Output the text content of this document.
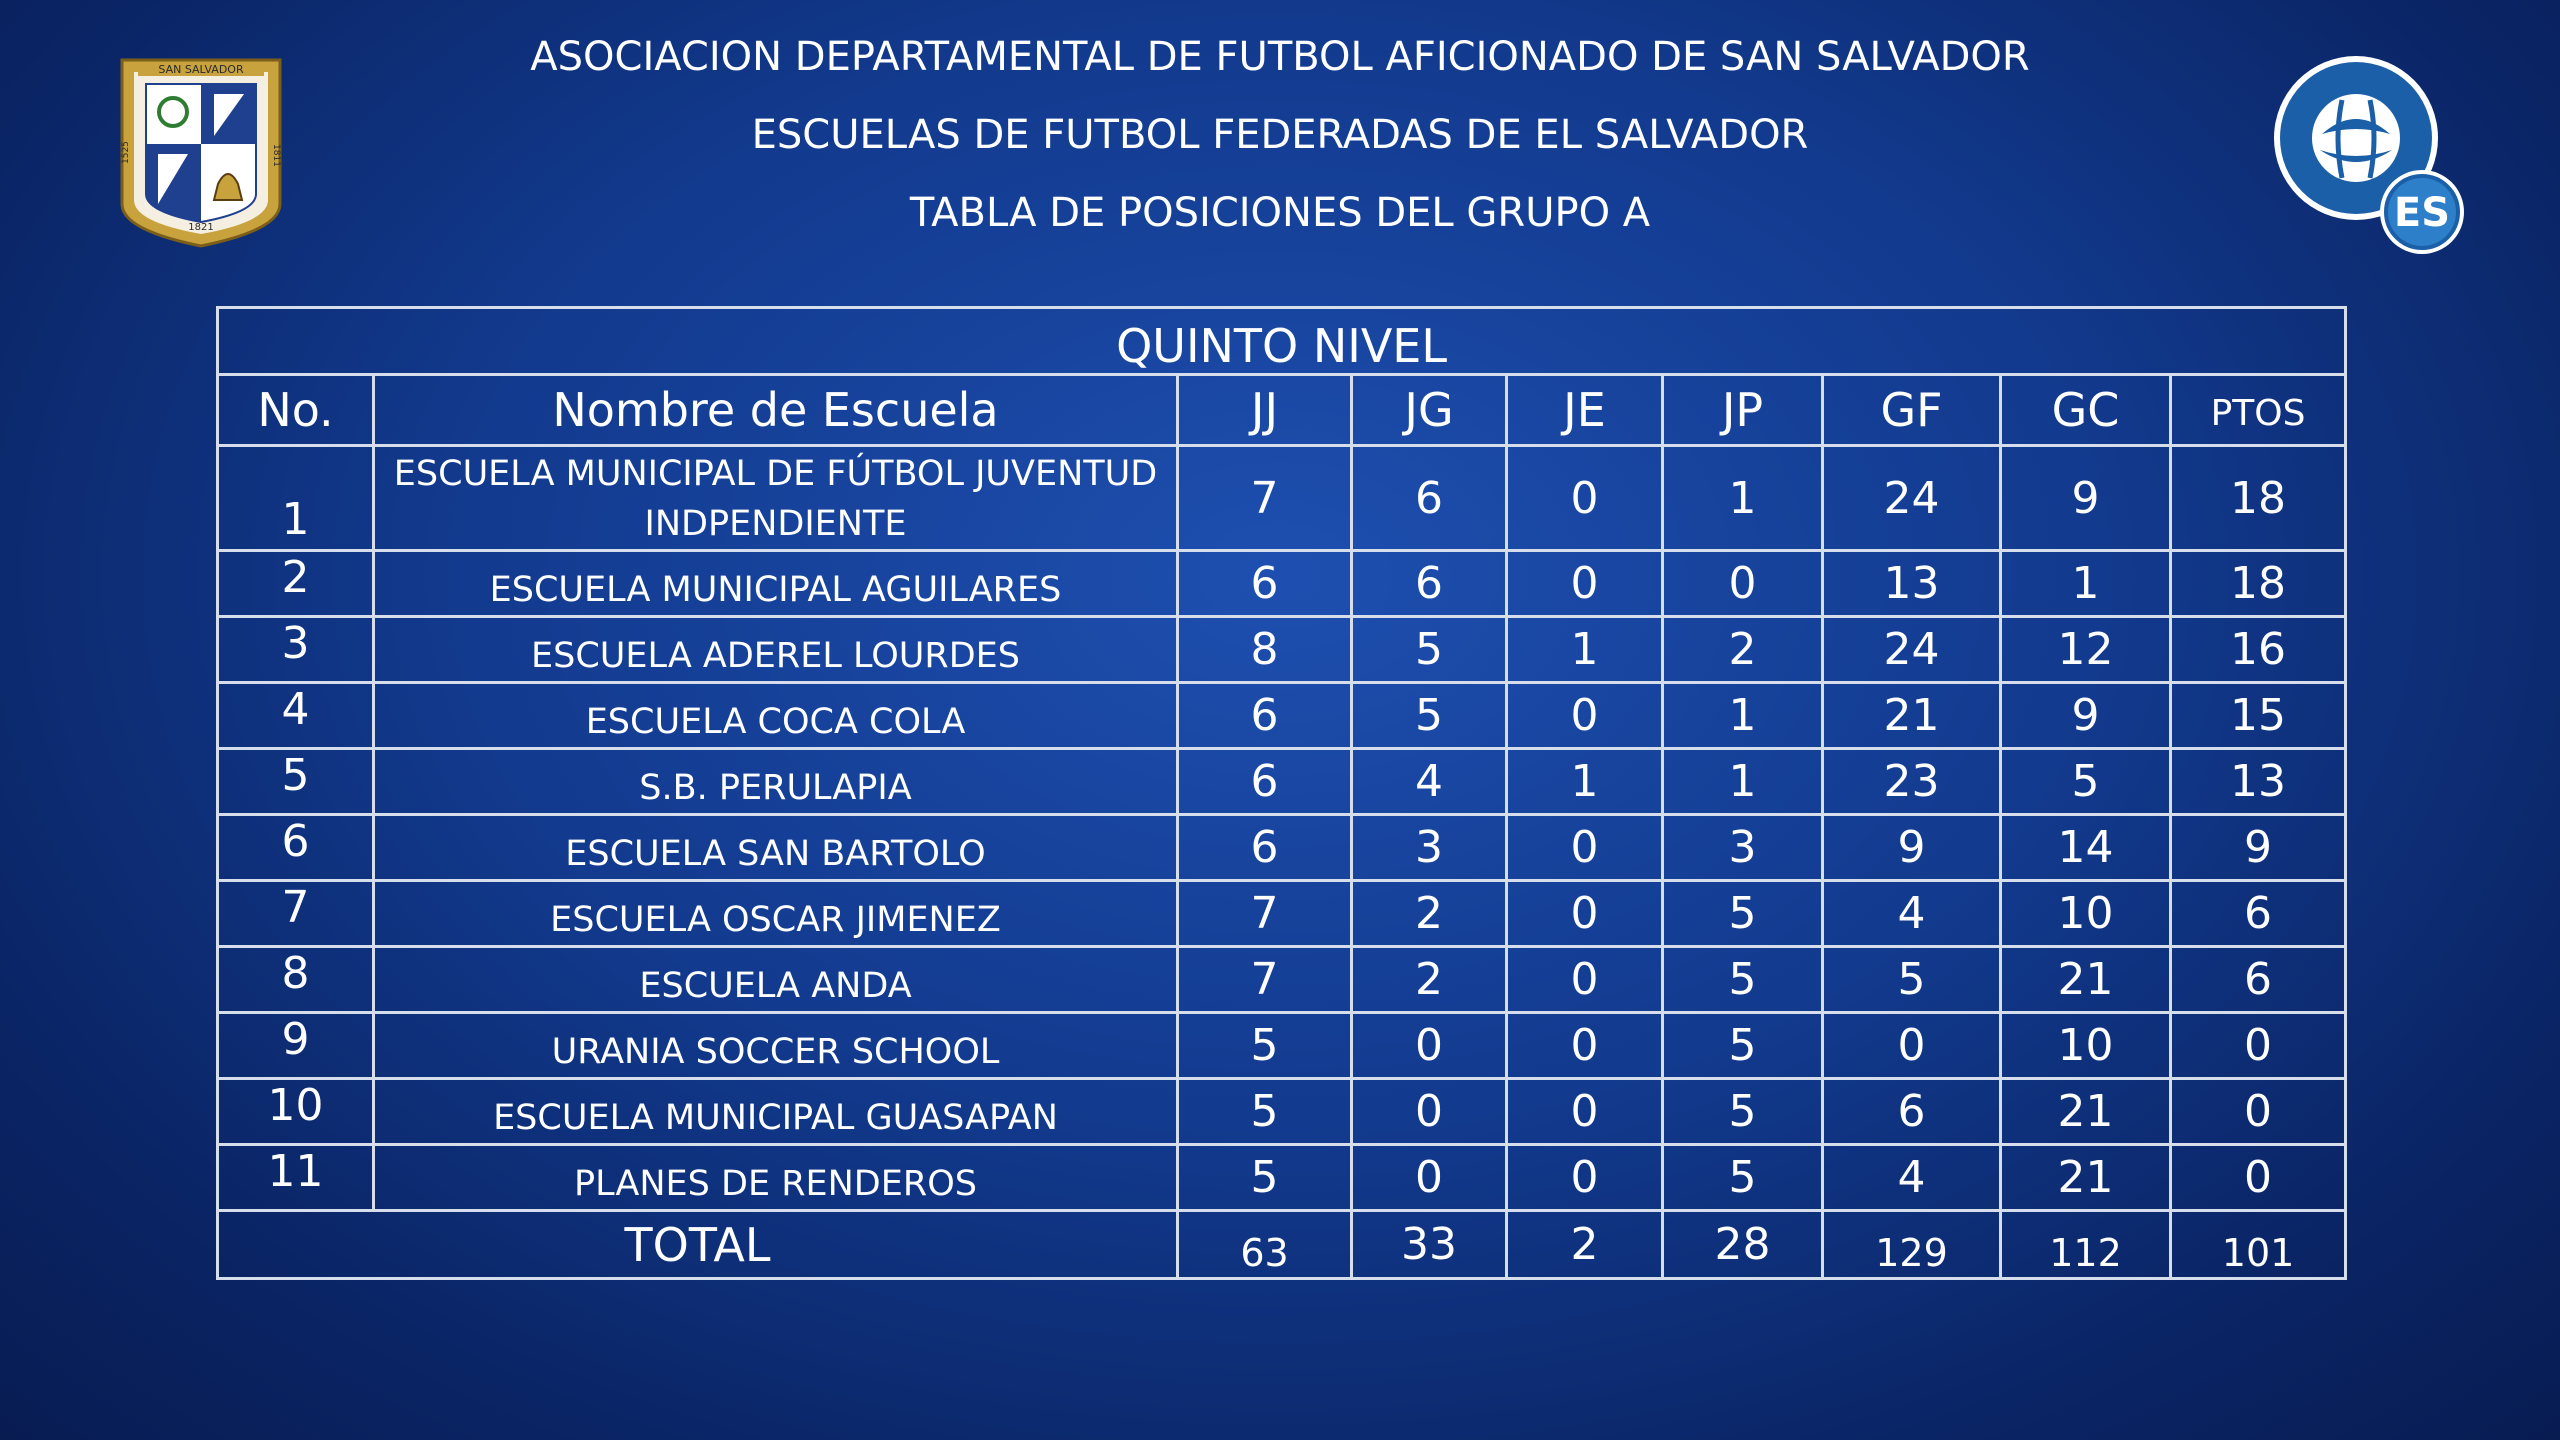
ASOCIACION DEPARTAMENTAL DE FUTBOL AFICIONADO DE SAN SALVADOR
ESCUELAS DE FUTBOL FEDERADAS DE EL SALVADOR
TABLA DE POSICIONES DEL GRUPO A
SAN SALVADOR
1525	1811
1821	ES
QUINTO NIVEL								
No.	Nombre de Escuela	JJ	JG	JE	JP	GF	GC	PTOS
1	ESCUELA MUNICIPAL DE FÚTBOL JUVENTUD
INDPENDIENTE	7	6	0	1	24	9	18
2	ESCUELA MUNICIPAL AGUILARES	6	6	0	0	13	1	18
3	ESCUELA ADEREL LOURDES	8	5	1	2	24	12	16
4	ESCUELA COCA COLA	6	5	0	1	21	9	15
5	S.B. PERULAPIA	6	4	1	1	23	5	13
6	ESCUELA SAN BARTOLO	6	3	0	3	9	14	9
7	ESCUELA OSCAR JIMENEZ	7	2	0	5	4	10	6
8	ESCUELA ANDA	7	2	0	5	5	21	6
9	URANIA SOCCER SCHOOL	5	0	0	5	0	10	0
10	ESCUELA MUNICIPAL GUASAPAN	5	0	0	5	6	21	0
11	PLANES DE RENDEROS	5	0	0	5	4	21	0
TOTAL		63	33	2	28	129	112	101
